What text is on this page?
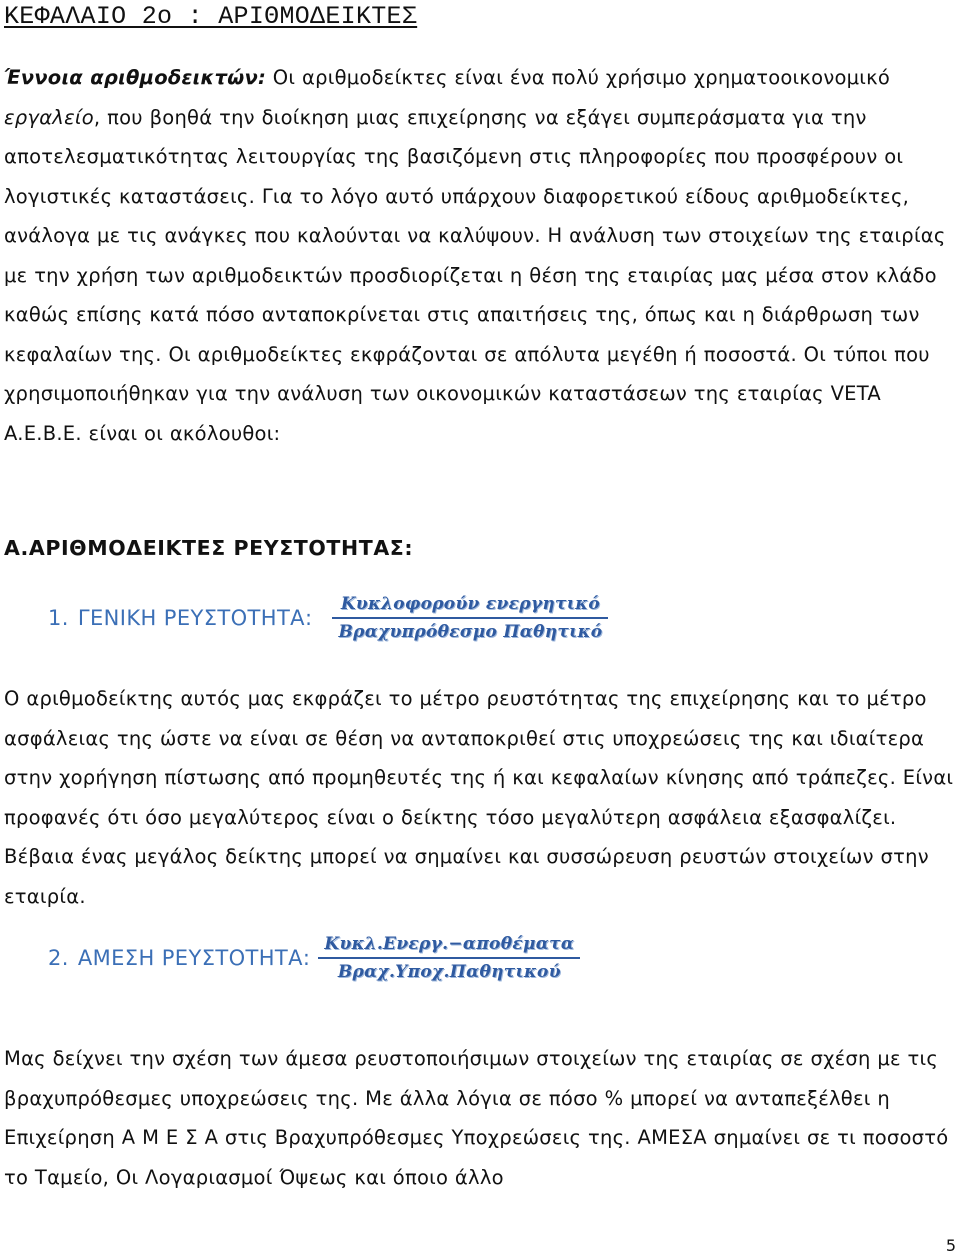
ΚΕΦΑΛΑΙΟ 2ο : ΑΡΙΘΜΟΔΕΙΚΤΕΣ

Έννοια αριθμοδεικτών: Οι αριθμοδείκτες είναι ένα πολύ χρήσιμο χρηματοοικονομικό εργαλείο, που βοηθά την διοίκηση μιας επιχείρησης να εξάγει συμπεράσματα για την αποτελεσματικότητας λειτουργίας της βασιζόμενη στις πληροφορίες που προσφέρουν οι λογιστικές καταστάσεις. Για το λόγο αυτό υπάρχουν διαφορετικού είδους αριθμοδείκτες, ανάλογα με τις ανάγκες που καλούνται να καλύψουν. Η ανάλυση των στοιχείων της εταιρίας με την χρήση των αριθμοδεικτών προσδιορίζεται η θέση της εταιρίας μας μέσα στον κλάδο καθώς επίσης κατά πόσο ανταποκρίνεται στις απαιτήσεις της, όπως και η διάρθρωση των κεφαλαίων της. Οι αριθμοδείκτες εκφράζονται σε απόλυτα μεγέθη ή ποσοστά. Οι τύποι που χρησιμοποιήθηκαν για την ανάλυση των οικονομικών καταστάσεων της εταιρίας VETA A.E.B.E. είναι οι ακόλουθοι:

Α.ΑΡΙΘΜΟΔΕΙΚΤΕΣ ΡΕΥΣΤΟΤΗΤΑΣ:
1. ΓΕΝΙΚΗ ΡΕΥΣΤΟΤΗΤΑ: $\frac{\text{Κυκλοφορούν ενεργητικό}}{\text{Βραχυπρόθεσμο Παθητικό}}$

Ο αριθμοδείκτης αυτός μας εκφράζει το μέτρο ρευστότητας της επιχείρησης και το μέτρο ασφάλειας της ώστε να είναι σε θέση να ανταποκριθεί στις υποχρεώσεις της και ιδιαίτερα στην χορήγηση πίστωσης από προμηθευτές της ή και κεφαλαίων κίνησης από τράπεζες. Είναι προφανές ότι όσο μεγαλύτερος είναι ο δείκτης τόσο μεγαλύτερη ασφάλεια εξασφαλίζει. Βέβαια ένας μεγάλος δείκτης μπορεί να σημαίνει και συσσώρευση ρευστών στοιχείων στην εταιρία.

2. ΑΜΕΣΗ ΡΕΥΣΤΟΤΗΤΑ: $\frac{\text{Κυκλ.Ενεργ.−αποθέματα}}{\text{Βραχ.Υποχ.Παθητικού}}$

Μας δείχνει την σχέση των άμεσα ρευστοποιήσιμων στοιχείων της εταιρίας σε σχέση με τις βραχυπρόθεσμες υποχρεώσεις της. Με άλλα λόγια σε πόσο % μπορεί να ανταπεξέλθει η Επιχείρηση Α Μ Ε Σ Α στις Βραχυπρόθεσμες Υποχρεώσεις της. ΑΜΕΣΑ σημαίνει σε τι ποσοστό το Ταμείο, Οι Λογαριασμοί Όψεως και όποιο άλλο

5
